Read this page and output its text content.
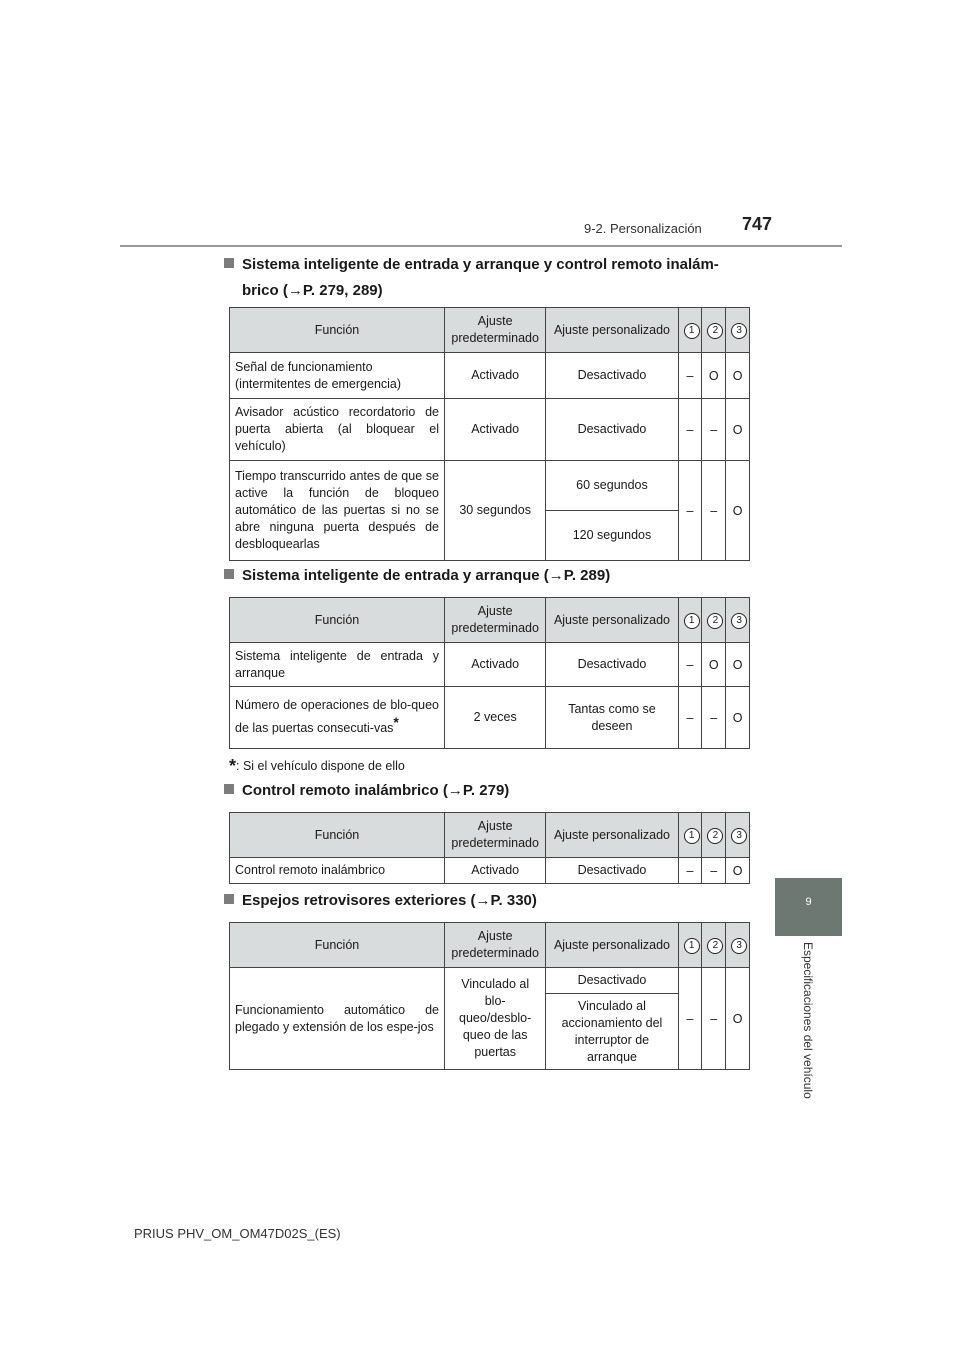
9-2. Personalización 747
9
Especificaciones del vehículo
Sistema inteligente de entrada y arranque y control remoto inalám-
brico (→P. 279, 289)
Función	Ajuste predeterminado	Ajuste personalizado	1	2	3
Señal de funcionamiento (intermitentes de emergencia)	Activado	Desactivado	–	O	O
Avisador acústico recordatorio de puerta abierta (al bloquear el vehículo)	Activado	Desactivado	–	–	O
Tiempo transcurrido antes de que se active la función de bloqueo automático de las puertas si no se abre ninguna puerta después de desbloquearlas	30 segundos	60 segundos	–	–	O
		120 segundos			
Sistema inteligente de entrada y arranque (→P. 289)
Función	Ajuste predeterminado	Ajuste personalizado	1	2	3
Sistema inteligente de entrada y arranque	Activado	Desactivado	–	O	O
Número de operaciones de blo-queo de las puertas consecuti-vas*	2 veces	Tantas como se deseen	–	–	O
*: Si el vehículo dispone de ello
Control remoto inalámbrico (→P. 279)
Función	Ajuste predeterminado	Ajuste personalizado	1	2	3
Control remoto inalámbrico	Activado	Desactivado	–	–	O
Espejos retrovisores exteriores (→P. 330)
Función	Ajuste predeterminado	Ajuste personalizado	1	2	3
Funcionamiento automático de plegado y extensión de los espe-jos	Vinculado al blo-queo/desblo-queo de las puertas	Desactivado	–	–	O
		Vinculado al accionamiento del interruptor de arranque			
PRIUS PHV_OM_OM47D02S_(ES)
